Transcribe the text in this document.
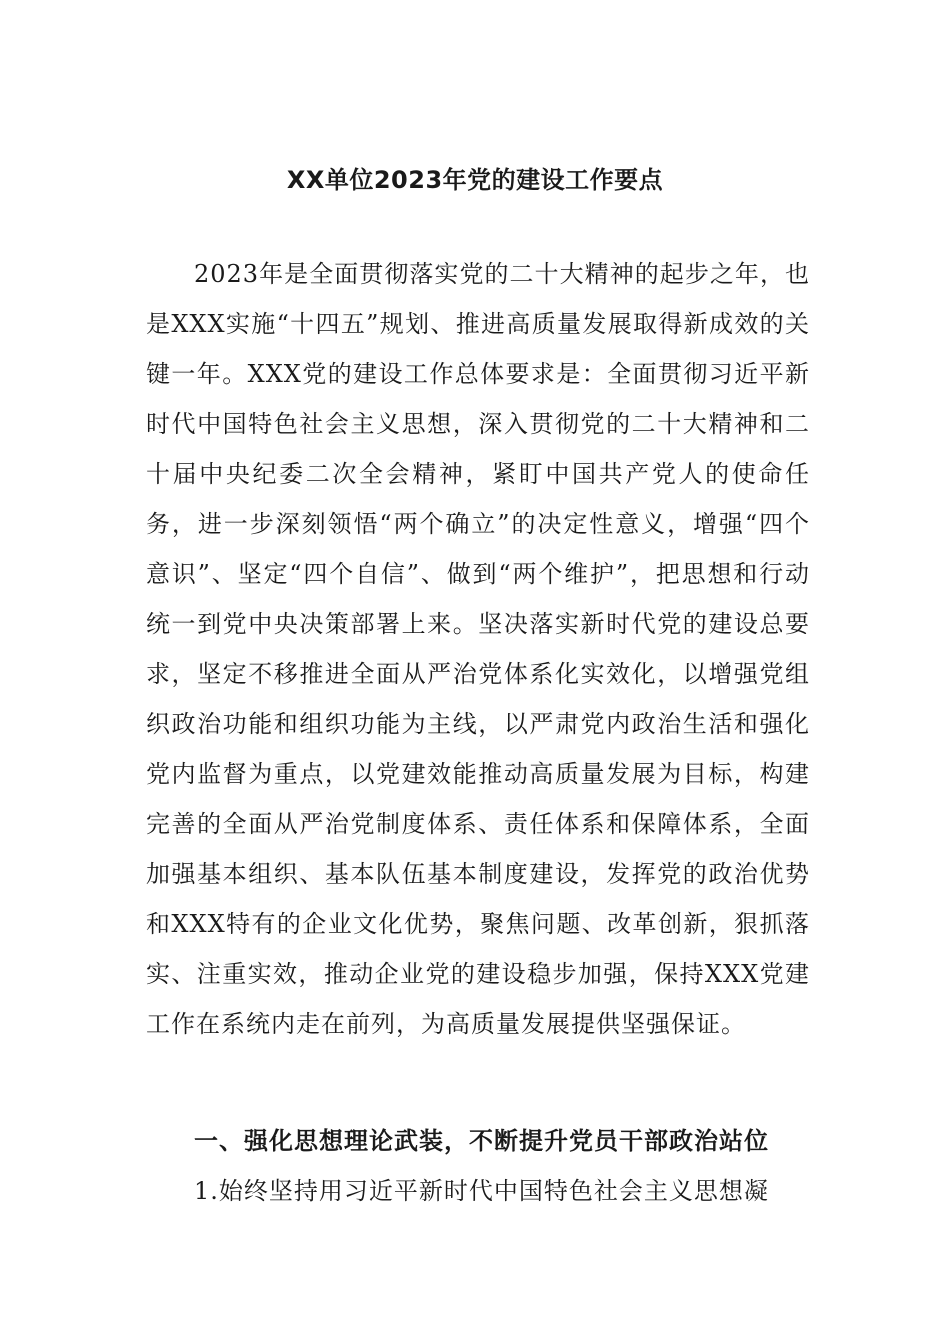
XX单位2023年党的建设工作要点
2023年是全面贯彻落实党的二十大精神的起步之年，也是XXX实施“十四五”规划、推进高质量发展取得新成效的关键一年。XXX党的建设工作总体要求是：全面贯彻习近平新时代中国特色社会主义思想，深入贯彻党的二十大精神和二十届中央纪委二次全会精神，紧盯中国共产党人的使命任务，进一步深刻领悟“两个确立”的决定性意义，增强“四个意识”、坚定“四个自信”、做到“两个维护”，把思想和行动统一到党中央决策部署上来。坚决落实新时代党的建设总要求，坚定不移推进全面从严治党体系化实效化，以增强党组织政治功能和组织功能为主线，以严肃党内政治生活和强化党内监督为重点，以党建效能推动高质量发展为目标，构建完善的全面从严治党制度体系、责任体系和保障体系，全面加强基本组织、基本队伍基本制度建设，发挥党的政治优势和XXX特有的企业文化优势，聚焦问题、改革创新，狠抓落实、注重实效，推动企业党的建设稳步加强，保持XXX党建工作在系统内走在前列，为高质量发展提供坚强保证。
一、强化思想理论武装，不断提升党员干部政治站位
1.始终坚持用习近平新时代中国特色社会主义思想凝
